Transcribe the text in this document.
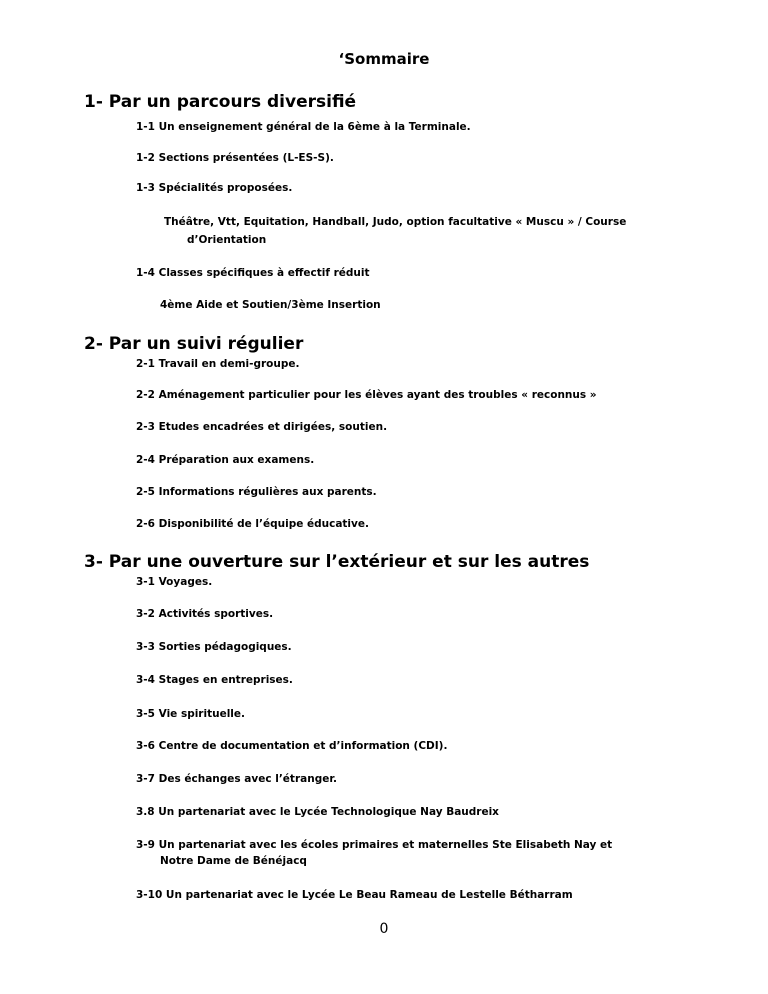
‘Sommaire
1- Par un parcours diversifié
1-1 Un enseignement général de la 6ème à la Terminale.
1-2 Sections présentées (L-ES-S).
1-3 Spécialités proposées.
Théâtre, Vtt, Equitation, Handball, Judo, option facultative « Muscu » / Course
d’Orientation
1-4 Classes spécifiques à effectif réduit
4ème Aide et Soutien/3ème Insertion
2- Par un suivi régulier
2-1 Travail en demi-groupe.
2-2 Aménagement particulier pour les élèves ayant des troubles « reconnus »
2-3 Etudes encadrées et dirigées, soutien.
2-4 Préparation aux examens.
2-5 Informations régulières aux parents.
2-6 Disponibilité de l’équipe éducative.
3- Par une ouverture sur l’extérieur et sur les autres
3-1 Voyages.
3-2 Activités sportives.
3-3 Sorties pédagogiques.
3-4 Stages en entreprises.
3-5 Vie spirituelle.
3-6 Centre de documentation et d’information (CDI).
3-7 Des échanges avec l’étranger.
3.8 Un partenariat avec le Lycée Technologique Nay Baudreix
3-9 Un partenariat avec les écoles primaires et maternelles Ste Elisabeth Nay et
Notre Dame de Bénéjacq
3-10 Un partenariat avec le Lycée Le Beau Rameau de Lestelle Bétharram
0
